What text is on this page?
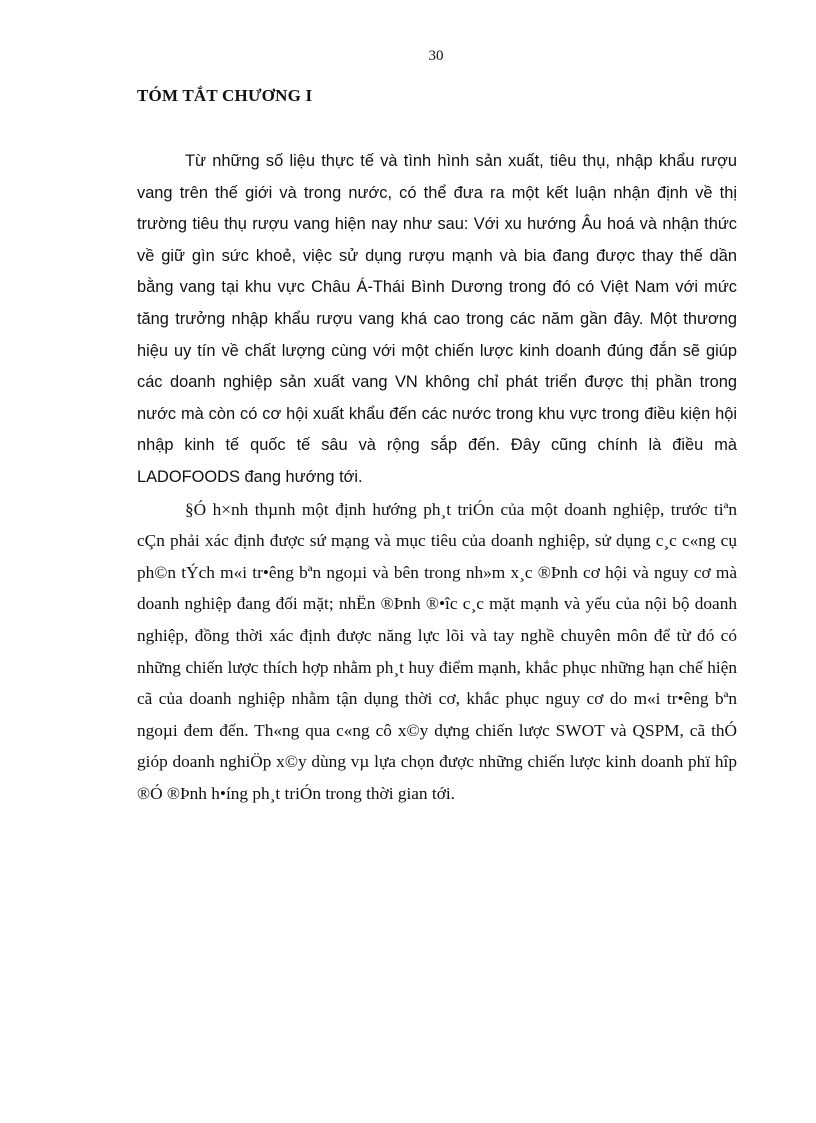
30
TÓM TẮT CHƯƠNG I

Từ những số liệu thực tế và tình hình sản xuất, tiêu thụ, nhập khẩu rượu vang trên thế giới và trong nước, có thể đưa ra một kết luận nhận định về thị trường tiêu thụ rượu vang hiện nay như sau: Với xu hướng Âu hoá và nhận thức về giữ gìn sức khoẻ, việc sử dụng rượu mạnh và bia đang được thay thế dần bằng vang tại khu vực Châu Á-Thái Bình Dương trong đó có Việt Nam với mức tăng trưởng nhập khẩu rượu vang khá cao trong các năm gần đây. Một thương hiệu uy tín về chất lượng cùng với một chiến lược kinh doanh đúng đắn sẽ giúp các doanh nghiệp sản xuất vang VN không chỉ phát triển được thị phần trong nước mà còn có cơ hội xuất khẩu đến các nước trong khu vực trong điều kiện hội nhập kinh tế quốc tế sâu và rộng sắp đến. Đây cũng chính là điều mà LADOFOODS đang hướng tới.

§Ó h×nh thµnh một định hướng ph¸t triÓn của một doanh nghiệp, trước tiªn cÇn phải xác định được sứ mạng và mục tiêu của doanh nghiệp, sử dụng c¸c c«ng cụ ph©n tÝch m«i tr•êng bªn ngoµi và bên trong nh»m x¸c ®Þnh cơ hội và nguy cơ mà doanh nghiệp đang đối mặt; nhËn ®Þnh ®•îc c¸c mặt mạnh và yếu của nội bộ doanh nghiệp, đồng thời xác định được năng lực lõi và tay nghề chuyên môn để từ đó có những chiến lược thích hợp nhằm ph¸t huy điểm mạnh, khắc phục những hạn chế hiện cã của doanh nghiệp nhằm tận dụng thời cơ, khắc phục nguy cơ do m«i tr•êng bªn ngoµi đem đến. Th«ng qua c«ng cô x©y dựng chiến lược SWOT và QSPM, cã thÓ gióp doanh nghiÖp x©y dùng vµ lựa chọn được những chiến lược kinh doanh phï hîp ®Ó ®Þnh h•íng ph¸t triÓn trong thời gian tới.
